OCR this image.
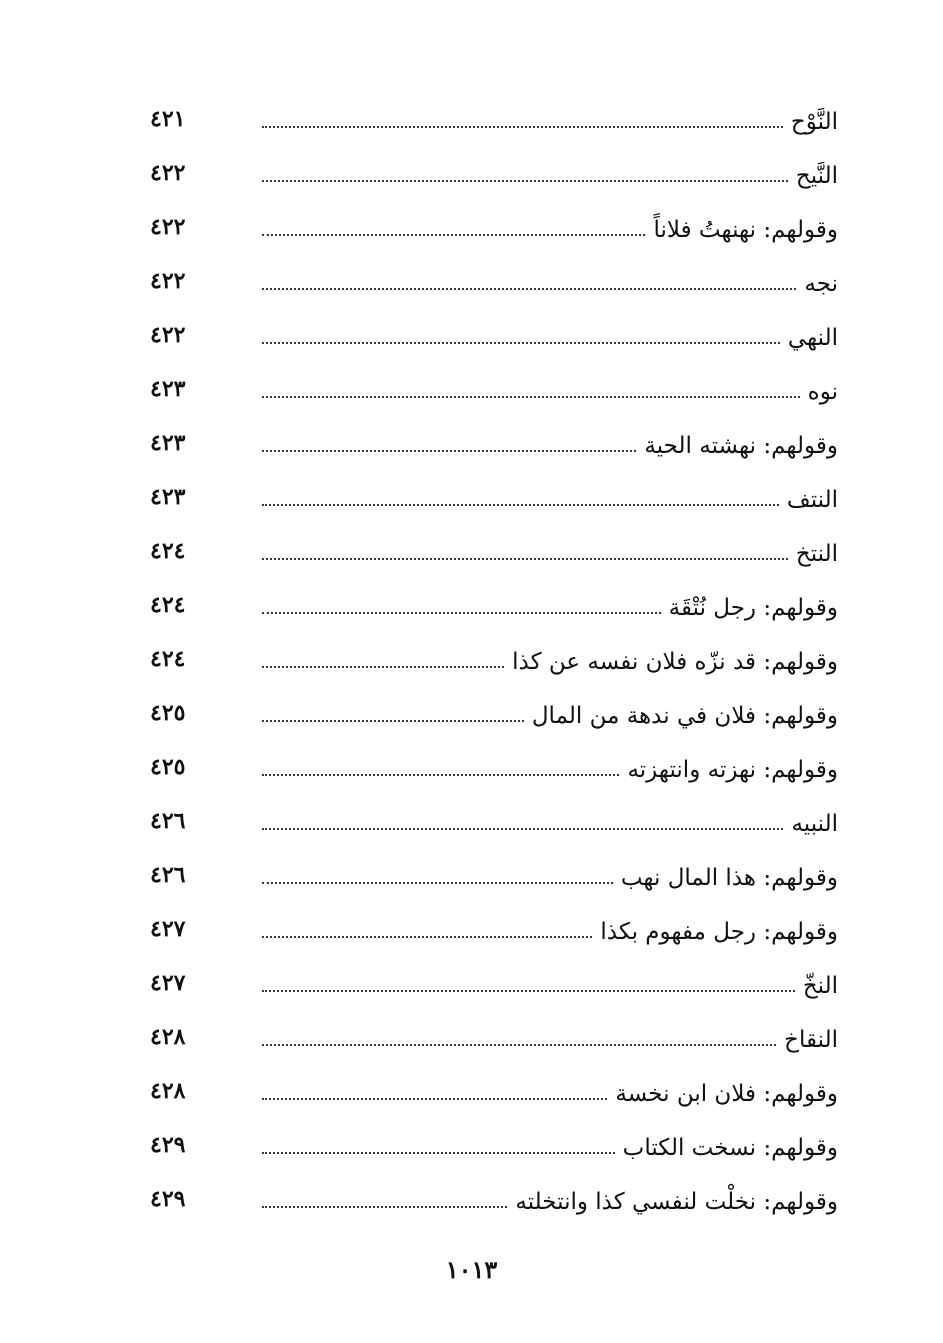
النَّوْح
٤٢١
النَّيح
٤٢٢
وقولهم: نهنهتُ فلاناً
٤٢٢
نجه
٤٢٢
النهي
٤٢٢
نوه
٤٢٣
وقولهم: نهشته الحية
٤٢٣
النتف
٤٢٣
النتخ
٤٢٤
وقولهم: رجل نُتْقَة
٤٢٤
وقولهم: قد نزّه فلان نفسه عن كذا
٤٢٤
وقولهم: فلان في ندهة من المال
٤٢٥
وقولهم: نهزته وانتهزته
٤٢٥
النبيه
٤٢٦
وقولهم: هذا المال نهب
٤٢٦
وقولهم: رجل مفهوم بكذا
٤٢٧
النخّ
٤٢٧
النقاخ
٤٢٨
وقولهم: فلان ابن نخسة
٤٢٨
وقولهم: نسخت الكتاب
٤٢٩
وقولهم: نخلْت لنفسي كذا وانتخلته
٤٢٩
١٠١٣
